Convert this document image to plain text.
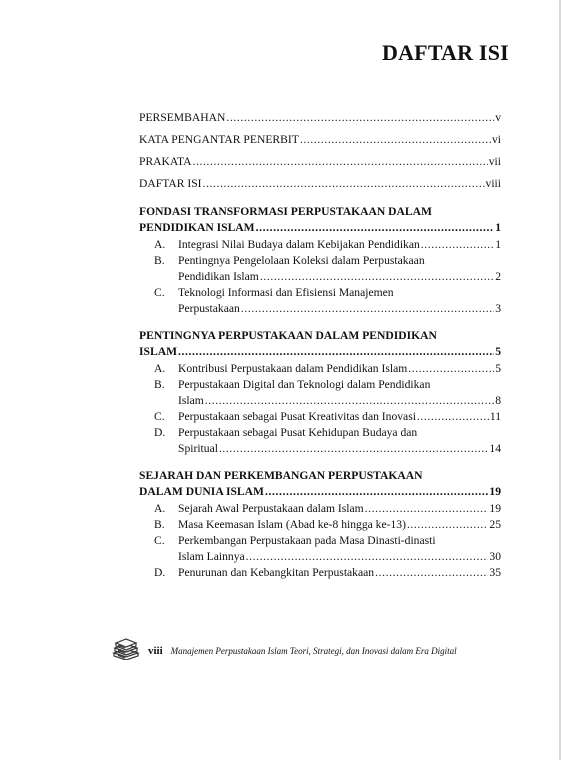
DAFTAR ISI
PERSEMBAHAN .....	v
KATA PENGANTAR PENERBIT .....	vi
PRAKATA .....	vii
DAFTAR ISI .....	viii
FONDASI TRANSFORMASI PERPUSTAKAAN DALAM
PENDIDIKAN ISLAM .....	1
A.	Integrasi Nilai Budaya dalam Kebijakan Pendidikan .....	1
B.	Pentingnya Pengelolaan Koleksi dalam Perpustakaan
Pendidikan Islam .....	2
C.	Teknologi Informasi dan Efisiensi Manajemen
Perpustakaan .....	3
PENTINGNYA PERPUSTAKAAN DALAM PENDIDIKAN
ISLAM .....	5
A.	Kontribusi Perpustakaan dalam Pendidikan Islam .....	5
B.	Perpustakaan Digital dan Teknologi dalam Pendidikan
Islam .....	8
C.	Perpustakaan sebagai Pusat Kreativitas dan Inovasi .....	11
D.	Perpustakaan sebagai Pusat Kehidupan Budaya dan
Spiritual .....	14
SEJARAH DAN PERKEMBANGAN PERPUSTAKAAN
DALAM DUNIA ISLAM .....	19
A.	Sejarah Awal Perpustakaan dalam Islam .....	19
B.	Masa Keemasan Islam (Abad ke-8 hingga ke-13) .....	25
C.	Perkembangan Perpustakaan pada Masa Dinasti-dinasti
Islam Lainnya .....	30
D.	Penurunan dan Kebangkitan Perpustakaan .....	35
viii Manajemen Perpustakaan Islam Teori, Strategi, dan Inovasi dalam Era Digital
